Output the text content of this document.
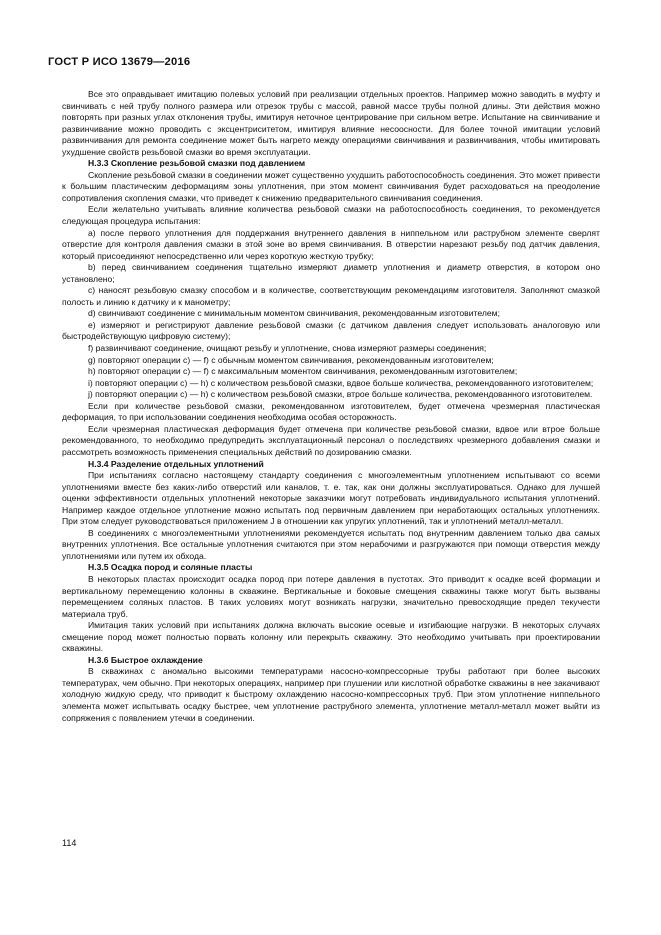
ГОСТ Р ИСО 13679—2016

Все это оправдывает имитацию полевых условий при реализации отдельных проектов. Например можно заводить в муфту и свинчивать с ней трубу полного размера или отрезок трубы с массой, равной массе трубы полной длины. Эти действия можно повторять при разных углах отклонения трубы, имитируя неточное центрирование при сильном ветре. Испытание на свинчивание и развинчивание можно проводить с эксцентриситетом, имитируя влияние несоосности. Для более точной имитации условий развинчивания для ремонта соединение может быть нагрето между операциями свинчивания и развинчивания, чтобы имитировать ухудшение свойств резьбовой смазки во время эксплуатации.

Н.3.3 Скопление резьбовой смазки под давлением

Скопление резьбовой смазки в соединении может существенно ухудшить работоспособность соединения. Это может привести к большим пластическим деформациям зоны уплотнения, при этом момент свинчивания будет расходоваться на преодоление сопротивления скопления смазки, что приведет к снижению предварительного свинчивания соединения.

Если желательно учитывать влияние количества резьбовой смазки на работоспособность соединения, то рекомендуется следующая процедура испытания:

a) после первого уплотнения для поддержания внутреннего давления в ниппельном или раструбном элементе сверлят отверстие для контроля давления смазки в этой зоне во время свинчивания. В отверстии нарезают резьбу под датчик давления, который присоединяют непосредственно или через короткую жесткую трубку;

b) перед свинчиванием соединения тщательно измеряют диаметр уплотнения и диаметр отверстия, в котором оно установлено;

c) наносят резьбовую смазку способом и в количестве, соответствующим рекомендациям изготовителя. Заполняют смазкой полость и линию к датчику и к манометру;

d) свинчивают соединение с минимальным моментом свинчивания, рекомендованным изготовителем;

e) измеряют и регистрируют давление резьбовой смазки (с датчиком давления следует использовать аналоговую или быстродействующую цифровую систему);

f) развинчивают соединение, очищают резьбу и уплотнение, снова измеряют размеры соединения;

g) повторяют операции с) — f) с обычным моментом свинчивания, рекомендованным изготовителем;

h) повторяют операции с) — f) с максимальным моментом свинчивания, рекомендованным изготовителем;

i) повторяют операции с) — h) с количеством резьбовой смазки, вдвое больше количества, рекомендованного изготовителем;

j) повторяют операции с) — h) с количеством резьбовой смазки, втрое больше количества, рекомендованного изготовителем.

Если при количестве резьбовой смазки, рекомендованном изготовителем, будет отмечена чрезмерная пластическая деформация, то при использовании соединения необходима особая осторожность.

Если чрезмерная пластическая деформация будет отмечена при количестве резьбовой смазки, вдвое или втрое больше рекомендованного, то необходимо предупредить эксплуатационный персонал о последствиях чрезмерного добавления смазки и рассмотреть возможность применения специальных действий по дозированию смазки.

Н.3.4 Разделение отдельных уплотнений

При испытаниях согласно настоящему стандарту соединения с многоэлементным уплотнением испытывают со всеми уплотнениями вместе без каких-либо отверстий или каналов, т. е. так, как они должны эксплуатироваться. Однако для лучшей оценки эффективности отдельных уплотнений некоторые заказчики могут потребовать индивидуального испытания уплотнений. Например каждое отдельное уплотнение можно испытать под первичным давлением при неработающих остальных уплотнениях. При этом следует руководствоваться приложением J в отношении как упругих уплотнений, так и уплотнений металл-металл.

В соединениях с многоэлементными уплотнениями рекомендуется испытать под внутренним давлением только два самых внутренних уплотнения. Все остальные уплотнения считаются при этом нерабочими и разгружаются при помощи отверстия между уплотнениями или путем их обхода.

Н.3.5 Осадка пород и соляные пласты

В некоторых пластах происходит осадка пород при потере давления в пустотах. Это приводит к осадке всей формации и вертикальному перемещению колонны в скважине. Вертикальные и боковые смещения скважины также могут быть вызваны перемещением соляных пластов. В таких условиях могут возникать нагрузки, значительно превосходящие предел текучести материала труб.

Имитация таких условий при испытаниях должна включать высокие осевые и изгибающие нагрузки. В некоторых случаях смещение пород может полностью порвать колонну или перекрыть скважину. Это необходимо учитывать при проектировании скважины.

Н.3.6 Быстрое охлаждение

В скважинах с аномально высокими температурами насосно-компрессорные трубы работают при более высоких температурах, чем обычно. При некоторых операциях, например при глушении или кислотной обработке скважины в нее закачивают холодную жидкую среду, что приводит к быстрому охлаждению насосно-компрессорных труб. При этом уплотнение ниппельного элемента может испытывать осадку быстрее, чем уплотнение раструбного элемента, уплотнение металл-металл может выйти из сопряжения с появлением утечки в соединении.

114
